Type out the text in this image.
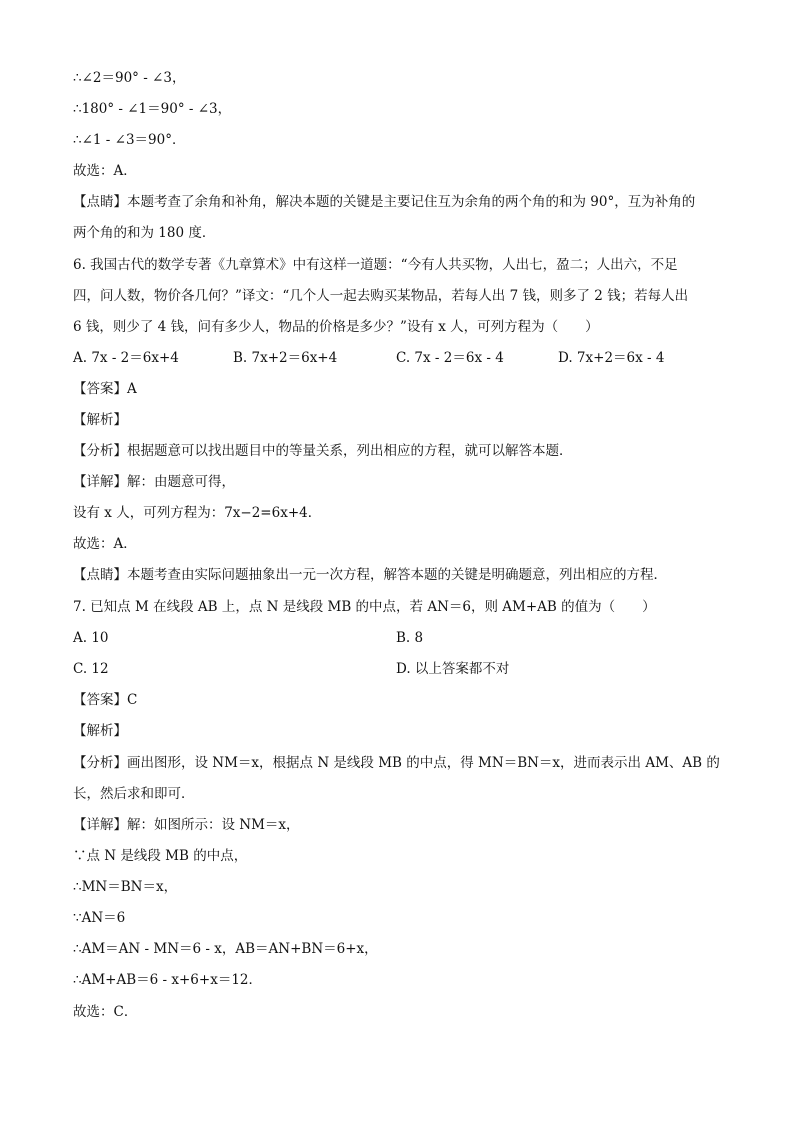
∴∠2＝90° - ∠3，
∴180° - ∠1＝90° - ∠3，
∴∠1 - ∠3＝90°．
故选：A．
【点睛】本题考查了余角和补角，解决本题的关键是主要记住互为余角的两个角的和为 90°，互为补角的
两个角的和为 180 度．
6. 我国古代的数学专著《九章算术》中有这样一道题：“今有人共买物，人出七，盈二；人出六，不足
四，问人数，物价各几何？”译文：“几个人一起去购买某物品，若每人出 7 钱，则多了 2 钱；若每人出
6 钱，则少了 4 钱，问有多少人，物品的价格是多少？”设有 x 人，可列方程为（　　）
A. 7x - 2＝6x+4	B. 7x+2＝6x+4	C. 7x - 2＝6x - 4	D. 7x+2＝6x - 4
【答案】A
【解析】
【分析】根据题意可以找出题目中的等量关系，列出相应的方程，就可以解答本题．
【详解】解：由题意可得，
设有 x 人，可列方程为：7x−2=6x+4．
故选：A．
【点睛】本题考查由实际问题抽象出一元一次方程，解答本题的关键是明确题意，列出相应的方程．
7. 已知点 M 在线段 AB 上，点 N 是线段 MB 的中点，若 AN＝6，则 AM+AB 的值为（　　）
A. 10	B. 8
C. 12	D. 以上答案都不对
【答案】C
【解析】
【分析】画出图形，设 NM＝x，根据点 N 是线段 MB 的中点，得 MN＝BN＝x，进而表示出 AM、AB 的
长，然后求和即可．
【详解】解：如图所示：设 NM＝x，
∵点 N 是线段 MB 的中点，
∴MN＝BN＝x，
∵AN＝6
∴AM＝AN - MN＝6 - x，AB＝AN+BN＝6+x，
∴AM+AB＝6 - x+6+x＝12．
故选：C．
